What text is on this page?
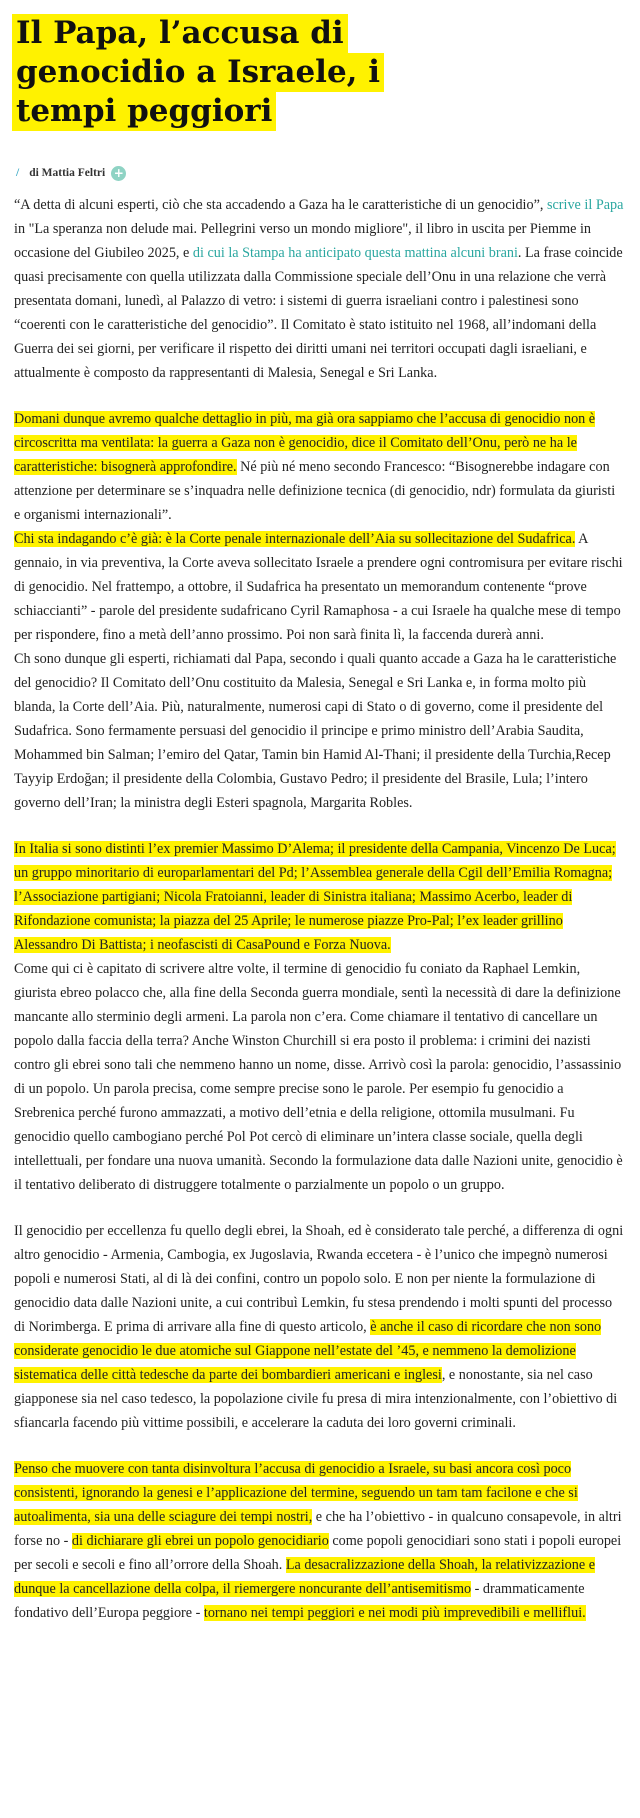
Il Papa, l’accusa di
genocidio a Israele, i
tempi peggiori
/ di Mattia Feltri +

“A detta di alcuni esperti, ciò che sta accadendo a Gaza ha le caratteristiche di un genocidio”, scrive il Papa in "La speranza non delude mai. Pellegrini verso un mondo migliore", il libro in uscita per Piemme in occasione del Giubileo 2025, e di cui la Stampa ha anticipato questa mattina alcuni brani. La frase coincide quasi precisamente con quella utilizzata dalla Commissione speciale dell’Onu in una relazione che verrà presentata domani, lunedì, al Palazzo di vetro: i sistemi di guerra israeliani contro i palestinesi sono “coerenti con le caratteristiche del genocidio”. Il Comitato è stato istituito nel 1968, all’indomani della Guerra dei sei giorni, per verificare il rispetto dei diritti umani nei territori occupati dagli israeliani, e attualmente è composto da rappresentanti di Malesia, Senegal e Sri Lanka.

Domani dunque avremo qualche dettaglio in più, ma già ora sappiamo che l’accusa di genocidio non è circoscritta ma ventilata: la guerra a Gaza non è genocidio, dice il Comitato dell’Onu, però ne ha le caratteristiche: bisognerà approfondire. Né più né meno secondo Francesco: “Bisognerebbe indagare con attenzione per determinare se s’inquadra nelle definizione tecnica (di genocidio, ndr) formulata da giuristi e organismi internazionali”.

Chi sta indagando c’è già: è la Corte penale internazionale dell’Aia su sollecitazione del Sudafrica. A gennaio, in via preventiva, la Corte aveva sollecitato Israele a prendere ogni contromisura per evitare rischi di genocidio. Nel frattempo, a ottobre, il Sudafrica ha presentato un memorandum contenente “prove schiaccianti” - parole del presidente sudafricano Cyril Ramaphosa - a cui Israele ha qualche mese di tempo per rispondere, fino a metà dell’anno prossimo. Poi non sarà finita lì, la faccenda durerà anni.

Ch sono dunque gli esperti, richiamati dal Papa, secondo i quali quanto accade a Gaza ha le caratteristiche del genocidio? Il Comitato dell’Onu costituito da Malesia, Senegal e Sri Lanka e, in forma molto più blanda, la Corte dell’Aia. Più, naturalmente, numerosi capi di Stato o di governo, come il presidente del Sudafrica. Sono fermamente persuasi del genocidio il principe e primo ministro dell’Arabia Saudita, Mohammed bin Salman; l’emiro del Qatar, Tamin bin Hamid Al-Thani; il presidente della Turchia,Recep Tayyip Erdoğan; il presidente della Colombia, Gustavo Pedro; il presidente del Brasile, Lula; l’intero governo dell’Iran; la ministra degli Esteri spagnola, Margarita Robles.

In Italia si sono distinti l’ex premier Massimo D’Alema; il presidente della Campania, Vincenzo De Luca; un gruppo minoritario di europarlamentari del Pd; l’Assemblea generale della Cgil dell’Emilia Romagna; l’Associazione partigiani; Nicola Fratoianni, leader di Sinistra italiana; Massimo Acerbo, leader di Rifondazione comunista; la piazza del 25 Aprile; le numerose piazze Pro-Pal; l’ex leader grillino Alessandro Di Battista; i neofascisti di CasaPound e Forza Nuova.

Come qui ci è capitato di scrivere altre volte, il termine di genocidio fu coniato da Raphael Lemkin, giurista ebreo polacco che, alla fine della Seconda guerra mondiale, sentì la necessità di dare la definizione mancante allo sterminio degli armeni. La parola non c’era. Come chiamare il tentativo di cancellare un popolo dalla faccia della terra? Anche Winston Churchill si era posto il problema: i crimini dei nazisti contro gli ebrei sono tali che nemmeno hanno un nome, disse. Arrivò così la parola: genocidio, l’assassinio di un popolo. Un parola precisa, come sempre precise sono le parole. Per esempio fu genocidio a Srebrenica perché furono ammazzati, a motivo dell’etnia e della religione, ottomila musulmani. Fu genocidio quello cambogiano perché Pol Pot cercò di eliminare un’intera classe sociale, quella degli intellettuali, per fondare una nuova umanità. Secondo la formulazione data dalle Nazioni unite, genocidio è il tentativo deliberato di distruggere totalmente o parzialmente un popolo o un gruppo.

Il genocidio per eccellenza fu quello degli ebrei, la Shoah, ed è considerato tale perché, a differenza di ogni altro genocidio - Armenia, Cambogia, ex Jugoslavia, Rwanda eccetera - è l’unico che impegnò numerosi popoli e numerosi Stati, al di là dei confini, contro un popolo solo. E non per niente la formulazione di genocidio data dalle Nazioni unite, a cui contribuì Lemkin, fu stesa prendendo i molti spunti del processo di Norimberga. E prima di arrivare alla fine di questo articolo, è anche il caso di ricordare che non sono considerate genocidio le due atomiche sul Giappone nell’estate del ’45, e nemmeno la demolizione sistematica delle città tedesche da parte dei bombardieri americani e inglesi, e nonostante, sia nel caso giapponese sia nel caso tedesco, la popolazione civile fu presa di mira intenzionalmente, con l’obiettivo di sfiancarla facendo più vittime possibili, e accelerare la caduta dei loro governi criminali.

Penso che muovere con tanta disinvoltura l’accusa di genocidio a Israele, su basi ancora così poco consistenti, ignorando la genesi e l’applicazione del termine, seguendo un tam tam facilone e che si autoalimenta, sia una delle sciagure dei tempi nostri, e che ha l’obiettivo - in qualcuno consapevole, in altri forse no - di dichiarare gli ebrei un popolo genocidiario come popoli genocidiari sono stati i popoli europei per secoli e secoli e fino all’orrore della Shoah. La desacralizzazione della Shoah, la relativizzazione e dunque la cancellazione della colpa, il riemergere noncurante dell’antisemitismo - drammaticamente fondativo dell’Europa peggiore - tornano nei tempi peggiori e nei modi più imprevedibili e melliflui.
